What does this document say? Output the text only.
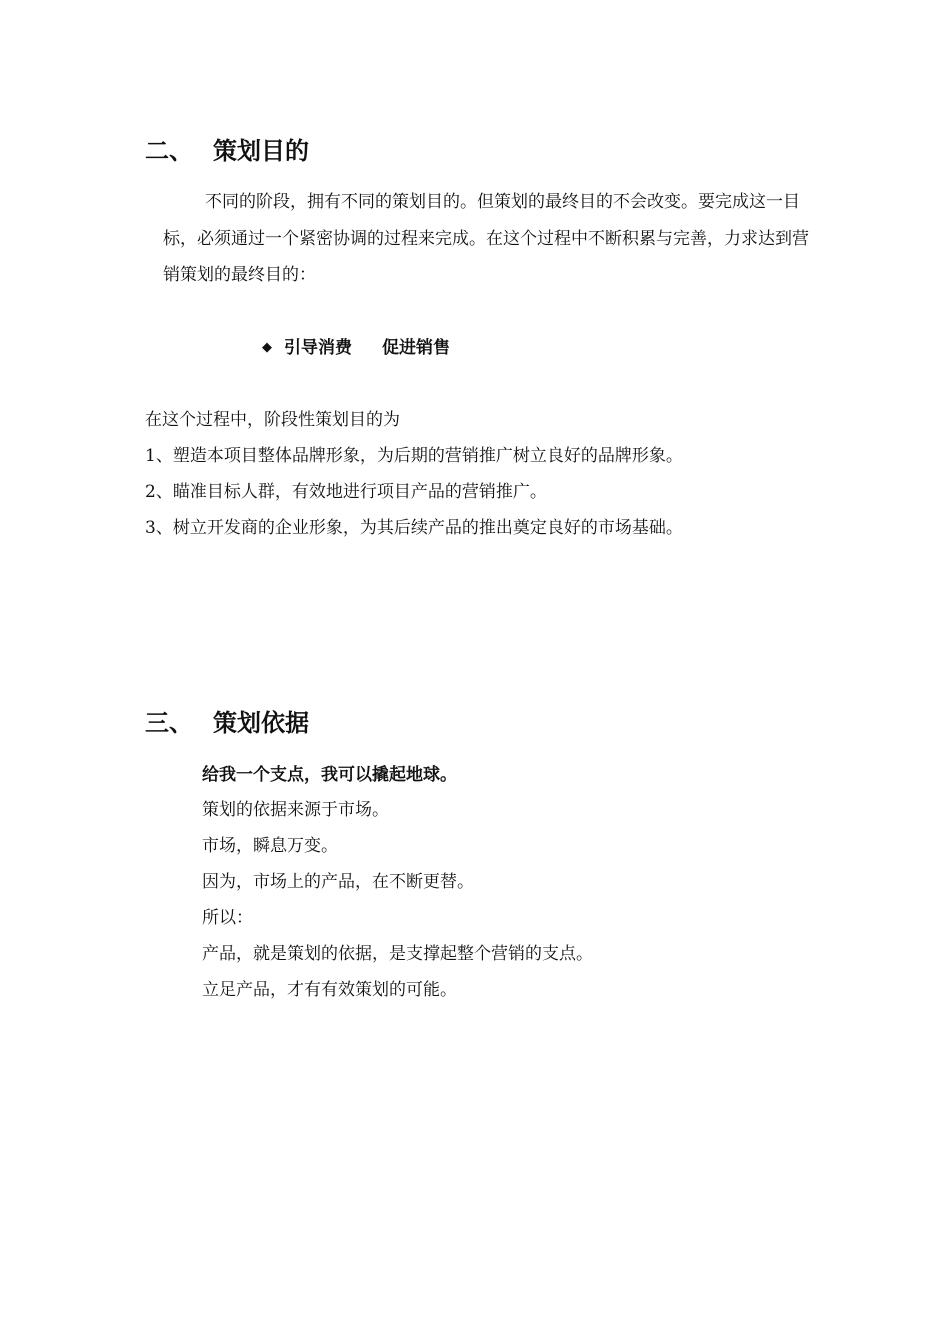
二、 策划目的
不同的阶段，拥有不同的策划目的。但策划的最终目的不会改变。要完成这一目标，必须通过一个紧密协调的过程来完成。在这个过程中不断积累与完善，力求达到营销策划的最终目的：
◆ 引导消费 促进销售
在这个过程中，阶段性策划目的为
1、塑造本项目整体品牌形象，为后期的营销推广树立良好的品牌形象。
2、瞄准目标人群，有效地进行项目产品的营销推广。
3、树立开发商的企业形象，为其后续产品的推出奠定良好的市场基础。
三、 策划依据
给我一个支点，我可以撬起地球。
策划的依据来源于市场。
市场，瞬息万变。
因为，市场上的产品，在不断更替。
所以：
产品，就是策划的依据，是支撑起整个营销的支点。
立足产品，才有有效策划的可能。
